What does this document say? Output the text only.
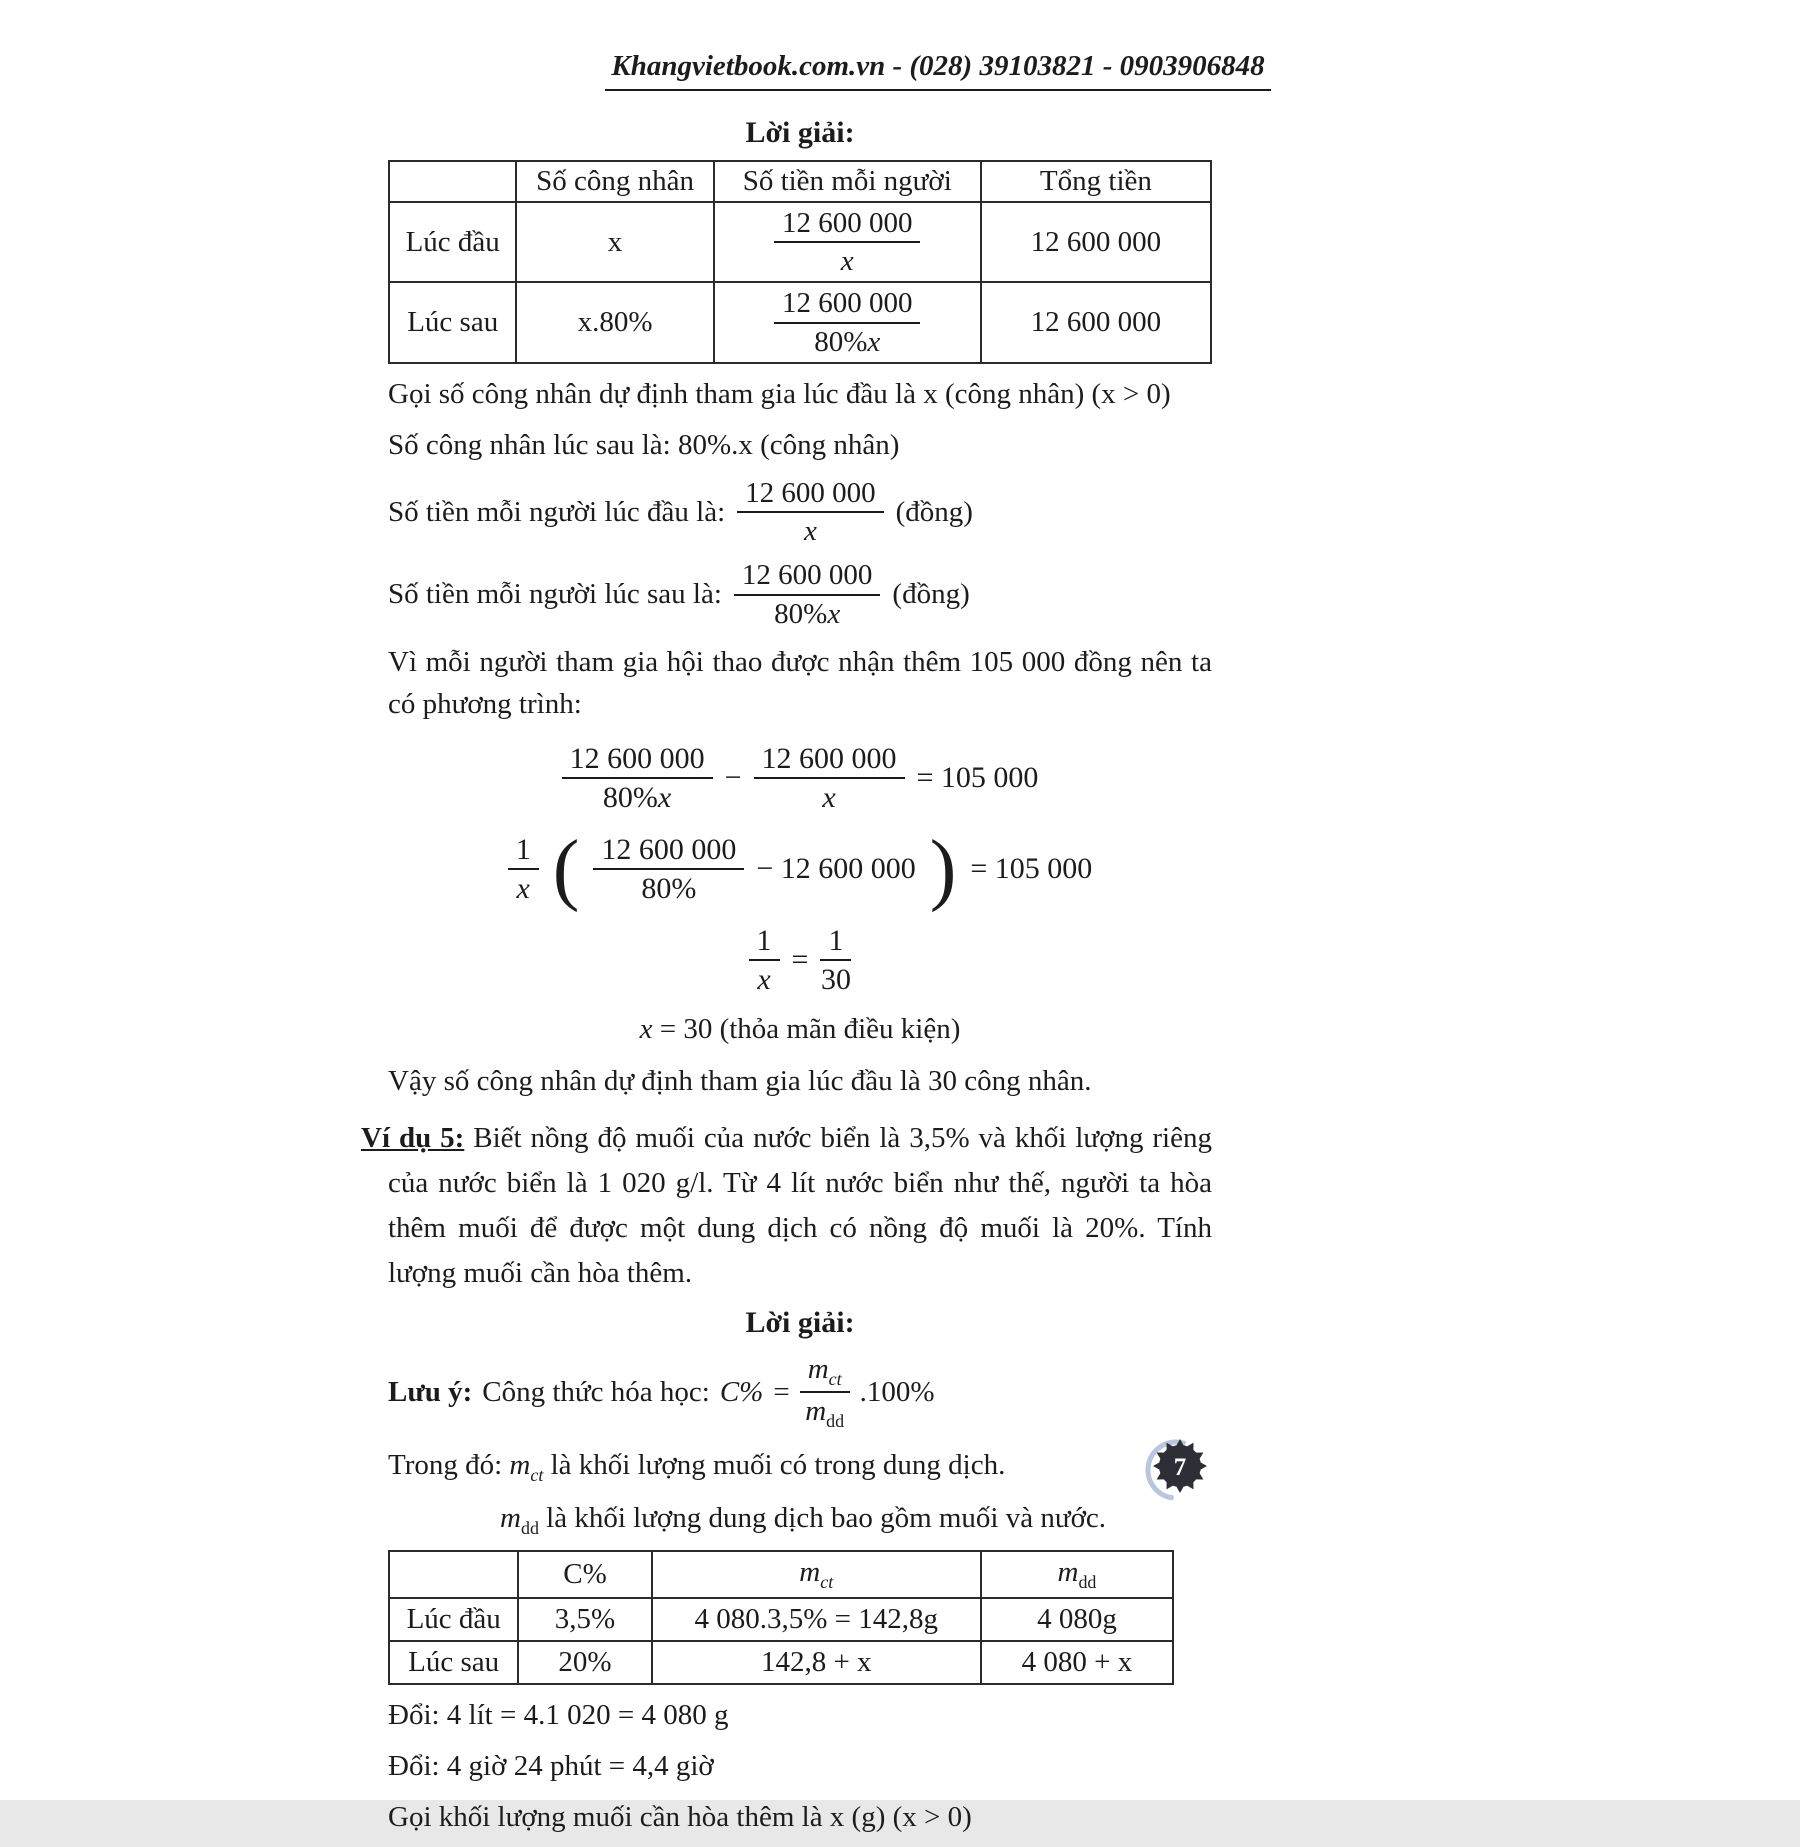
Khangvietbook.com.vn - (028) 39103821 - 0903906848
Lời giải:
	Số công nhân	Số tiền mỗi người	Tổng tiền
Lúc đầu	x	$\frac{12 600 000}{x}$	12 600 000
Lúc sau	x.80%	$\frac{12 600 000}{80\%x}$	12 600 000

Gọi số công nhân dự định tham gia lúc đầu là x (công nhân) (x > 0)

Số công nhân lúc sau là: 80%.x (công nhân)

Số tiền mỗi người lúc đầu là: $\frac{12 600 000}{x}$ (đồng)
Số tiền mỗi người lúc sau là: $\frac{12 600 000}{80\%x}$ (đồng)

Vì mỗi người tham gia hội thao được nhận thêm 105 000 đồng nên ta có phương trình:

$\frac{12 600 000}{80\%x} - \frac{12 600 000}{x} = 105$ 000
$\frac{1}{x}$ ( $\frac{12 600 000}{80\%} - 12$ 600 000 ) = 105 000
$\frac{1}{x} = \frac{1}{30}$
x = 30 (thỏa mãn điều kiện)

Vậy số công nhân dự định tham gia lúc đầu là 30 công nhân.

Ví dụ 5: Biết nồng độ muối của nước biển là 3,5% và khối lượng riêng của nước biển là 1 020 g/l. Từ 4 lít nước biển như thế, người ta hòa thêm muối để được một dung dịch có nồng độ muối là 20%. Tính lượng muối cần hòa thêm.
Lời giải:
Lưu ý: Công thức hóa học: $C\% = \frac{m_{ct}}{m_{dd}} .100\%$

Trong đó: $m_{ct}$ là khối lượng muối có trong dung dịch.

$m_{dd}$ là khối lượng dung dịch bao gồm muối và nước.

	C%	$m_{ct}$	$m_{dd}$
Lúc đầu	3,5%	4 080.3,5% = 142,8g	4 080g
Lúc sau	20%	142,8 + x	4 080 + x

Đổi: 4 lít = 4.1 020 = 4 080 g

Đổi: 4 giờ 24 phút = 4,4 giờ

Gọi khối lượng muối cần hòa thêm là x (g) (x > 0)

7
